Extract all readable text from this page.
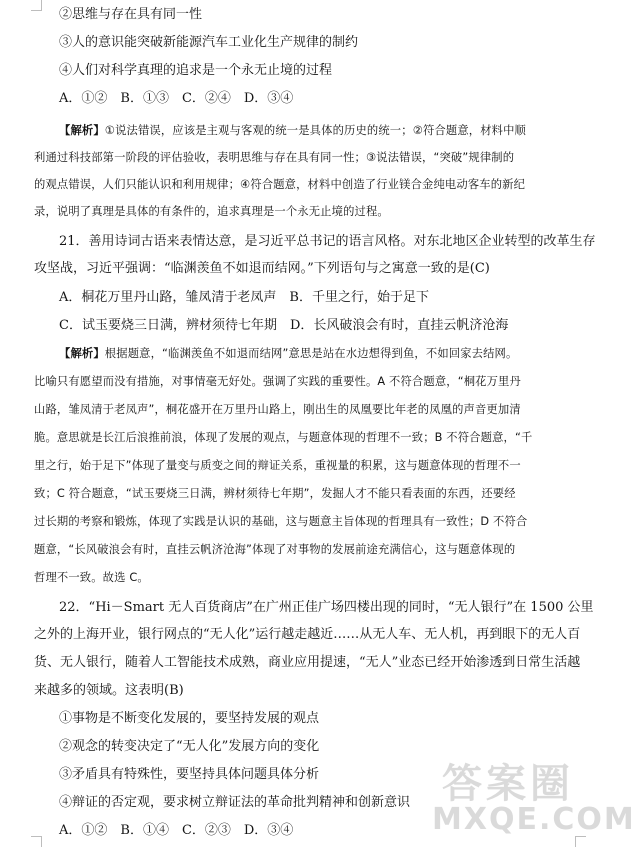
②思维与存在具有同一性
③人的意识能突破新能源汽车工业化生产规律的制约
④人们对科学真理的追求是一个永无止境的过程
A．①②　B．①③　C．②④　D．③④
【解析】①说法错误，应该是主观与客观的统一是具体的历史的统一；②符合题意，材料中顺
利通过科技部第一阶段的评估验收，表明思维与存在具有同一性；③说法错误，“突破”规律制的
的观点错误，人们只能认识和利用规律；④符合题意，材料中创造了行业镁合金纯电动客车的新纪
录，说明了真理是具体的有条件的，追求真理是一个永无止境的过程。
21．善用诗词古语来表情达意，是习近平总书记的语言风格。对东北地区企业转型的改革生存
攻坚战，习近平强调：“临渊羡鱼不如退而结网。”下列语句与之寓意一致的是(C)
A．桐花万里丹山路，雏凤清于老凤声　B．千里之行，始于足下
C．试玉要烧三日满，辨材须待七年期　D．长风破浪会有时，直挂云帆济沧海
【解析】根据题意，“临渊羡鱼不如退而结网”意思是站在水边想得到鱼，不如回家去结网。
比喻只有愿望而没有措施，对事情毫无好处。强调了实践的重要性。A 不符合题意，“桐花万里丹
山路，雏凤清于老凤声”，桐花盛开在万里丹山路上，刚出生的凤凰要比年老的凤凰的声音更加清
脆。意思就是长江后浪推前浪，体现了发展的观点，与题意体现的哲理不一致；B 不符合题意，“千
里之行，始于足下”体现了量变与质变之间的辩证关系，重视量的积累，这与题意体现的哲理不一
致；C 符合题意，“试玉要烧三日满，辨材须待七年期”，发掘人才不能只看表面的东西，还要经
过长期的考察和锻炼，体现了实践是认识的基础，这与题意主旨体现的哲理具有一致性；D 不符合
题意，“长风破浪会有时，直挂云帆济沧海”体现了对事物的发展前途充满信心，这与题意体现的
哲理不一致。故选 C。
22．“Hi－Smart 无人百货商店”在广州正佳广场四楼出现的同时，“无人银行”在 1500 公里
之外的上海开业，银行网点的“无人化”运行越走越近……从无人车、无人机，再到眼下的无人百
货、无人银行，随着人工智能技术成熟，商业应用提速，“无人”业态已经开始渗透到日常生活越
来越多的领域。这表明(B)
①事物是不断变化发展的，要坚持发展的观点
②观念的转变决定了“无人化”发展方向的变化
③矛盾具有特殊性，要坚持具体问题具体分析
④辩证的否定观，要求树立辩证法的革命批判精神和创新意识
A．①②　B．①④　C．②③　D．③④
答案圈
MXQE.COM
